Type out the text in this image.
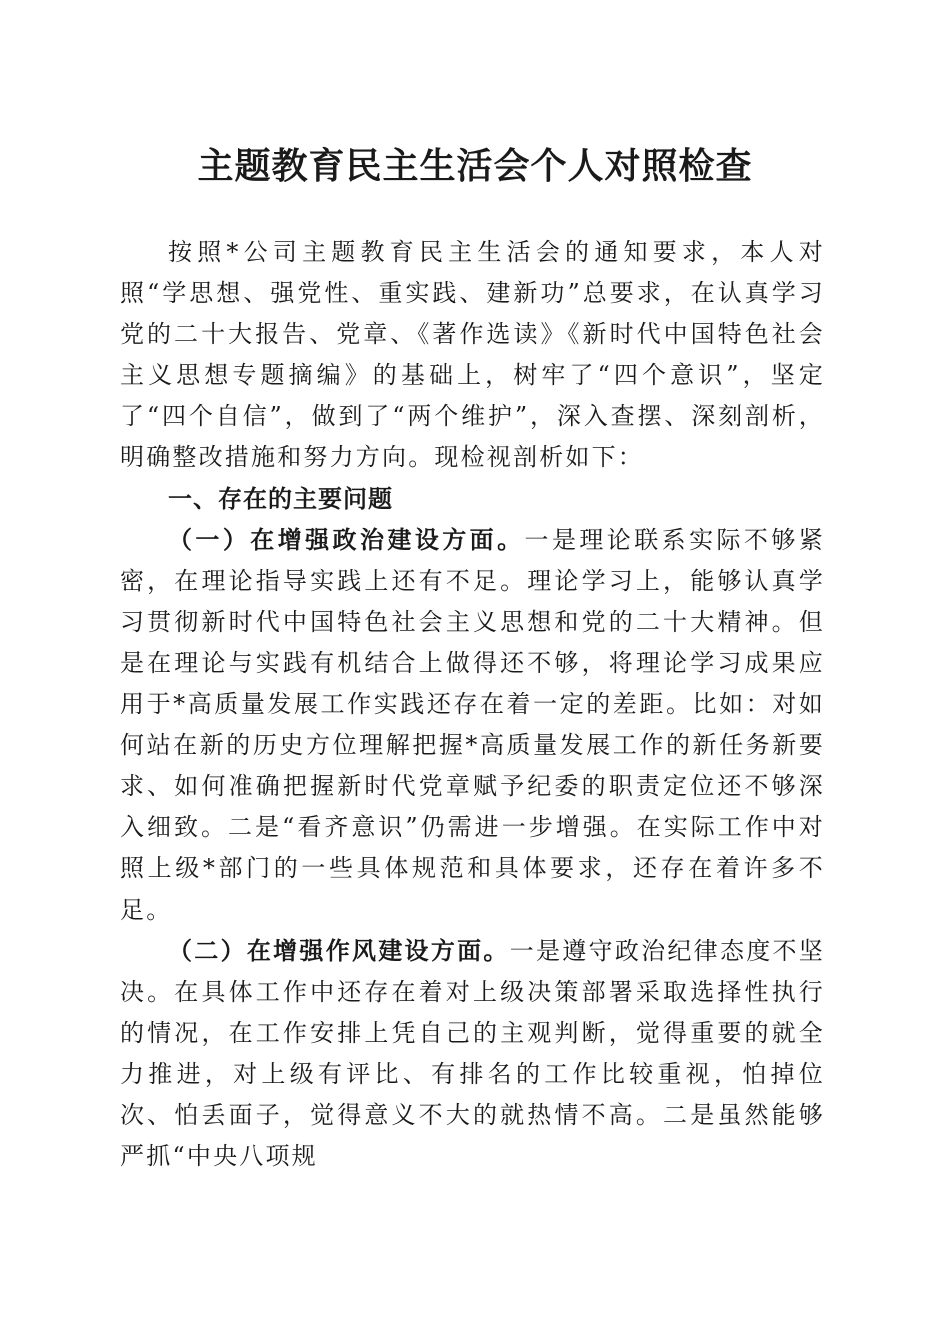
主题教育民主生活会个人对照检查

按照*公司主题教育民主生活会的通知要求，本人对照“学思想、强党性、重实践、建新功”总要求，在认真学习党的二十大报告、党章、《著作选读》《新时代中国特色社会主义思想专题摘编》的基础上，树牢了“四个意识”，坚定了“四个自信”，做到了“两个维护”，深入查摆、深刻剖析，明确整改措施和努力方向。现检视剖析如下：

一、存在的主要问题

（一）在增强政治建设方面。一是理论联系实际不够紧密，在理论指导实践上还有不足。理论学习上，能够认真学习贯彻新时代中国特色社会主义思想和党的二十大精神。但是在理论与实践有机结合上做得还不够，将理论学习成果应用于*高质量发展工作实践还存在着一定的差距。比如：对如何站在新的历史方位理解把握*高质量发展工作的新任务新要求、如何准确把握新时代党章赋予纪委的职责定位还不够深入细致。二是“看齐意识”仍需进一步增强。在实际工作中对照上级*部门的一些具体规范和具体要求，还存在着许多不足。

（二）在增强作风建设方面。一是遵守政治纪律态度不坚决。在具体工作中还存在着对上级决策部署采取选择性执行的情况，在工作安排上凭自己的主观判断，觉得重要的就全力推进，对上级有评比、有排名的工作比较重视，怕掉位次、怕丢面子，觉得意义不大的就热情不高。二是虽然能够严抓“中央八项规
